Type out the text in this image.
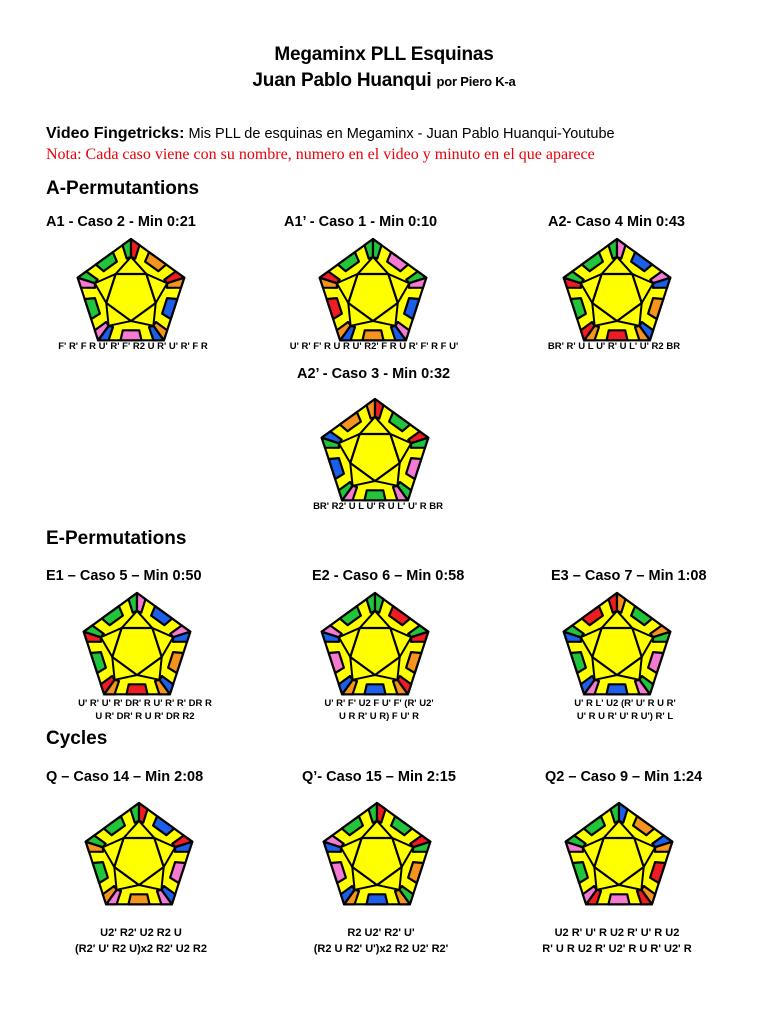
Megaminx PLL Esquinas
Juan Pablo Huanqui por Piero K-a
Video Fingetricks: Mis PLL de esquinas en Megaminx - Juan Pablo Huanqui-Youtube
Nota: Cada caso viene con su nombre, numero en el video y minuto en el que aparece
A-Permutantions
E-Permutations
Cycles
A1 - Caso 2 - Min 0:21
F' R' F R U' R' F' R2 U R' U' R' F R
A1’ - Caso 1 - Min 0:10
U' R' F' R U R U' R2' F R U R' F' R F U'
A2- Caso 4 Min 0:43
BR' R' U L U' R' U L' U' R2 BR
A2’ - Caso 3 - Min 0:32
BR' R2' U L U' R U L' U' R BR
E1 – Caso 5 – Min 0:50
U' R' U' R' DR' R U' R' R' DR R
U R' DR' R U R' DR R2
E2 - Caso 6 – Min 0:58
U' R' F' U2 F U' F' (R' U2'
U R R' U R) F U' R
E3 – Caso 7 – Min 1:08
U' R L' U2 (R' U' R U R'
U' R U R' U' R U') R' L
Q – Caso 14 – Min 2:08
U2' R2' U2 R2 U
(R2' U' R2 U)x2 R2' U2 R2
Q’- Caso 15 – Min 2:15
R2 U2' R2' U'
(R2 U R2' U')x2 R2 U2' R2'
Q2 – Caso 9 – Min 1:24
U2 R' U' R U2 R' U' R U2
R' U R U2 R' U2' R U R' U2' R
